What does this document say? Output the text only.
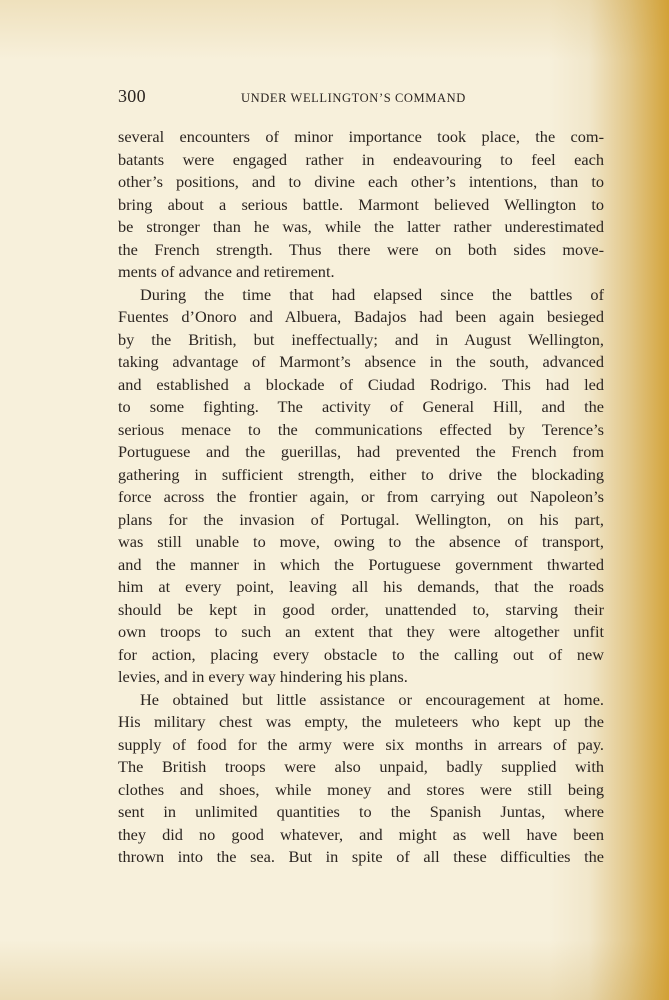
300	UNDER WELLINGTON’S COMMAND
several encounters of minor importance took place, the com-
batants were engaged rather in endeavouring to feel each
other’s positions, and to divine each other’s intentions, than to
bring about a serious battle. Marmont believed Wellington to
be stronger than he was, while the latter rather underestimated
the French strength. Thus there were on both sides move-
ments of advance and retirement.
During the time that had elapsed since the battles of
Fuentes d’Onoro and Albuera, Badajos had been again besieged
by the British, but ineffectually; and in August Wellington,
taking advantage of Marmont’s absence in the south, advanced
and established a blockade of Ciudad Rodrigo. This had led
to some fighting. The activity of General Hill, and the
serious menace to the communications effected by Terence’s
Portuguese and the guerillas, had prevented the French from
gathering in sufficient strength, either to drive the blockading
force across the frontier again, or from carrying out Napoleon’s
plans for the invasion of Portugal. Wellington, on his part,
was still unable to move, owing to the absence of transport,
and the manner in which the Portuguese government thwarted
him at every point, leaving all his demands, that the roads
should be kept in good order, unattended to, starving their
own troops to such an extent that they were altogether unfit
for action, placing every obstacle to the calling out of new
levies, and in every way hindering his plans.
He obtained but little assistance or encouragement at home.
His military chest was empty, the muleteers who kept up the
supply of food for the army were six months in arrears of pay.
The British troops were also unpaid, badly supplied with
clothes and shoes, while money and stores were still being
sent in unlimited quantities to the Spanish Juntas, where
they did no good whatever, and might as well have been
thrown into the sea. But in spite of all these difficulties the
